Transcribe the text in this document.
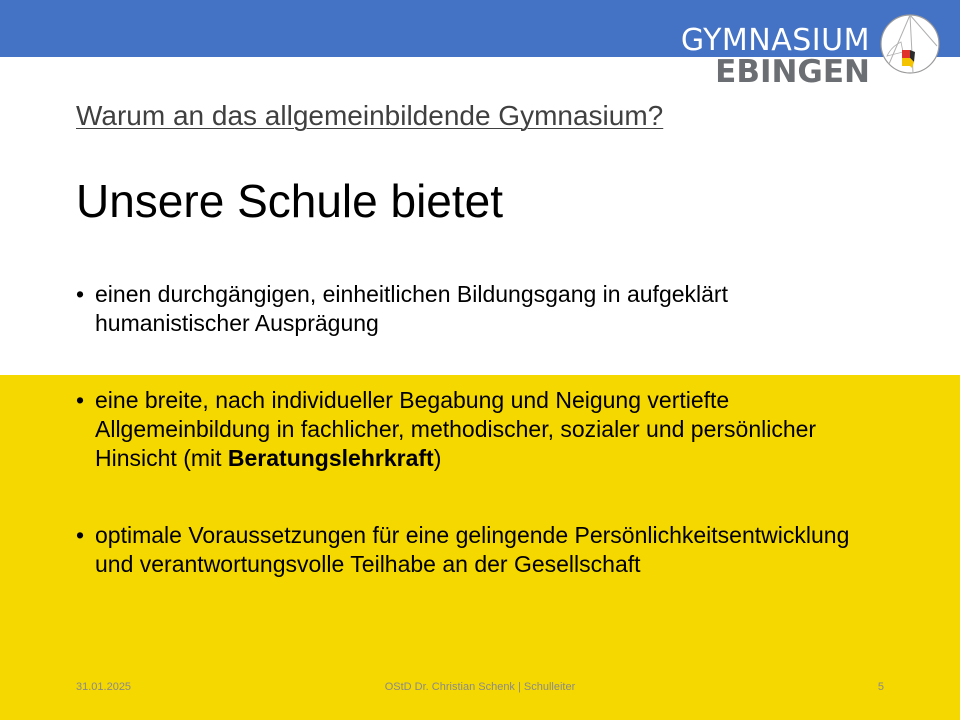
GYMNASIUM
EBINGEN
Warum an das allgemeinbildende Gymnasium?
Unsere Schule bietet
• einen durchgängigen, einheitlichen Bildungsgang in aufgeklärt humanistischer Ausprägung
• eine breite, nach individueller Begabung und Neigung vertiefte Allgemeinbildung in fachlicher, methodischer, sozialer und persönlicher Hinsicht (mit Beratungslehrkraft)
• optimale Voraussetzungen für eine gelingende Persönlichkeitsentwicklung und verantwortungsvolle Teilhabe an der Gesellschaft
31.01.2025	OStD Dr. Christian Schenk | Schulleiter	5
